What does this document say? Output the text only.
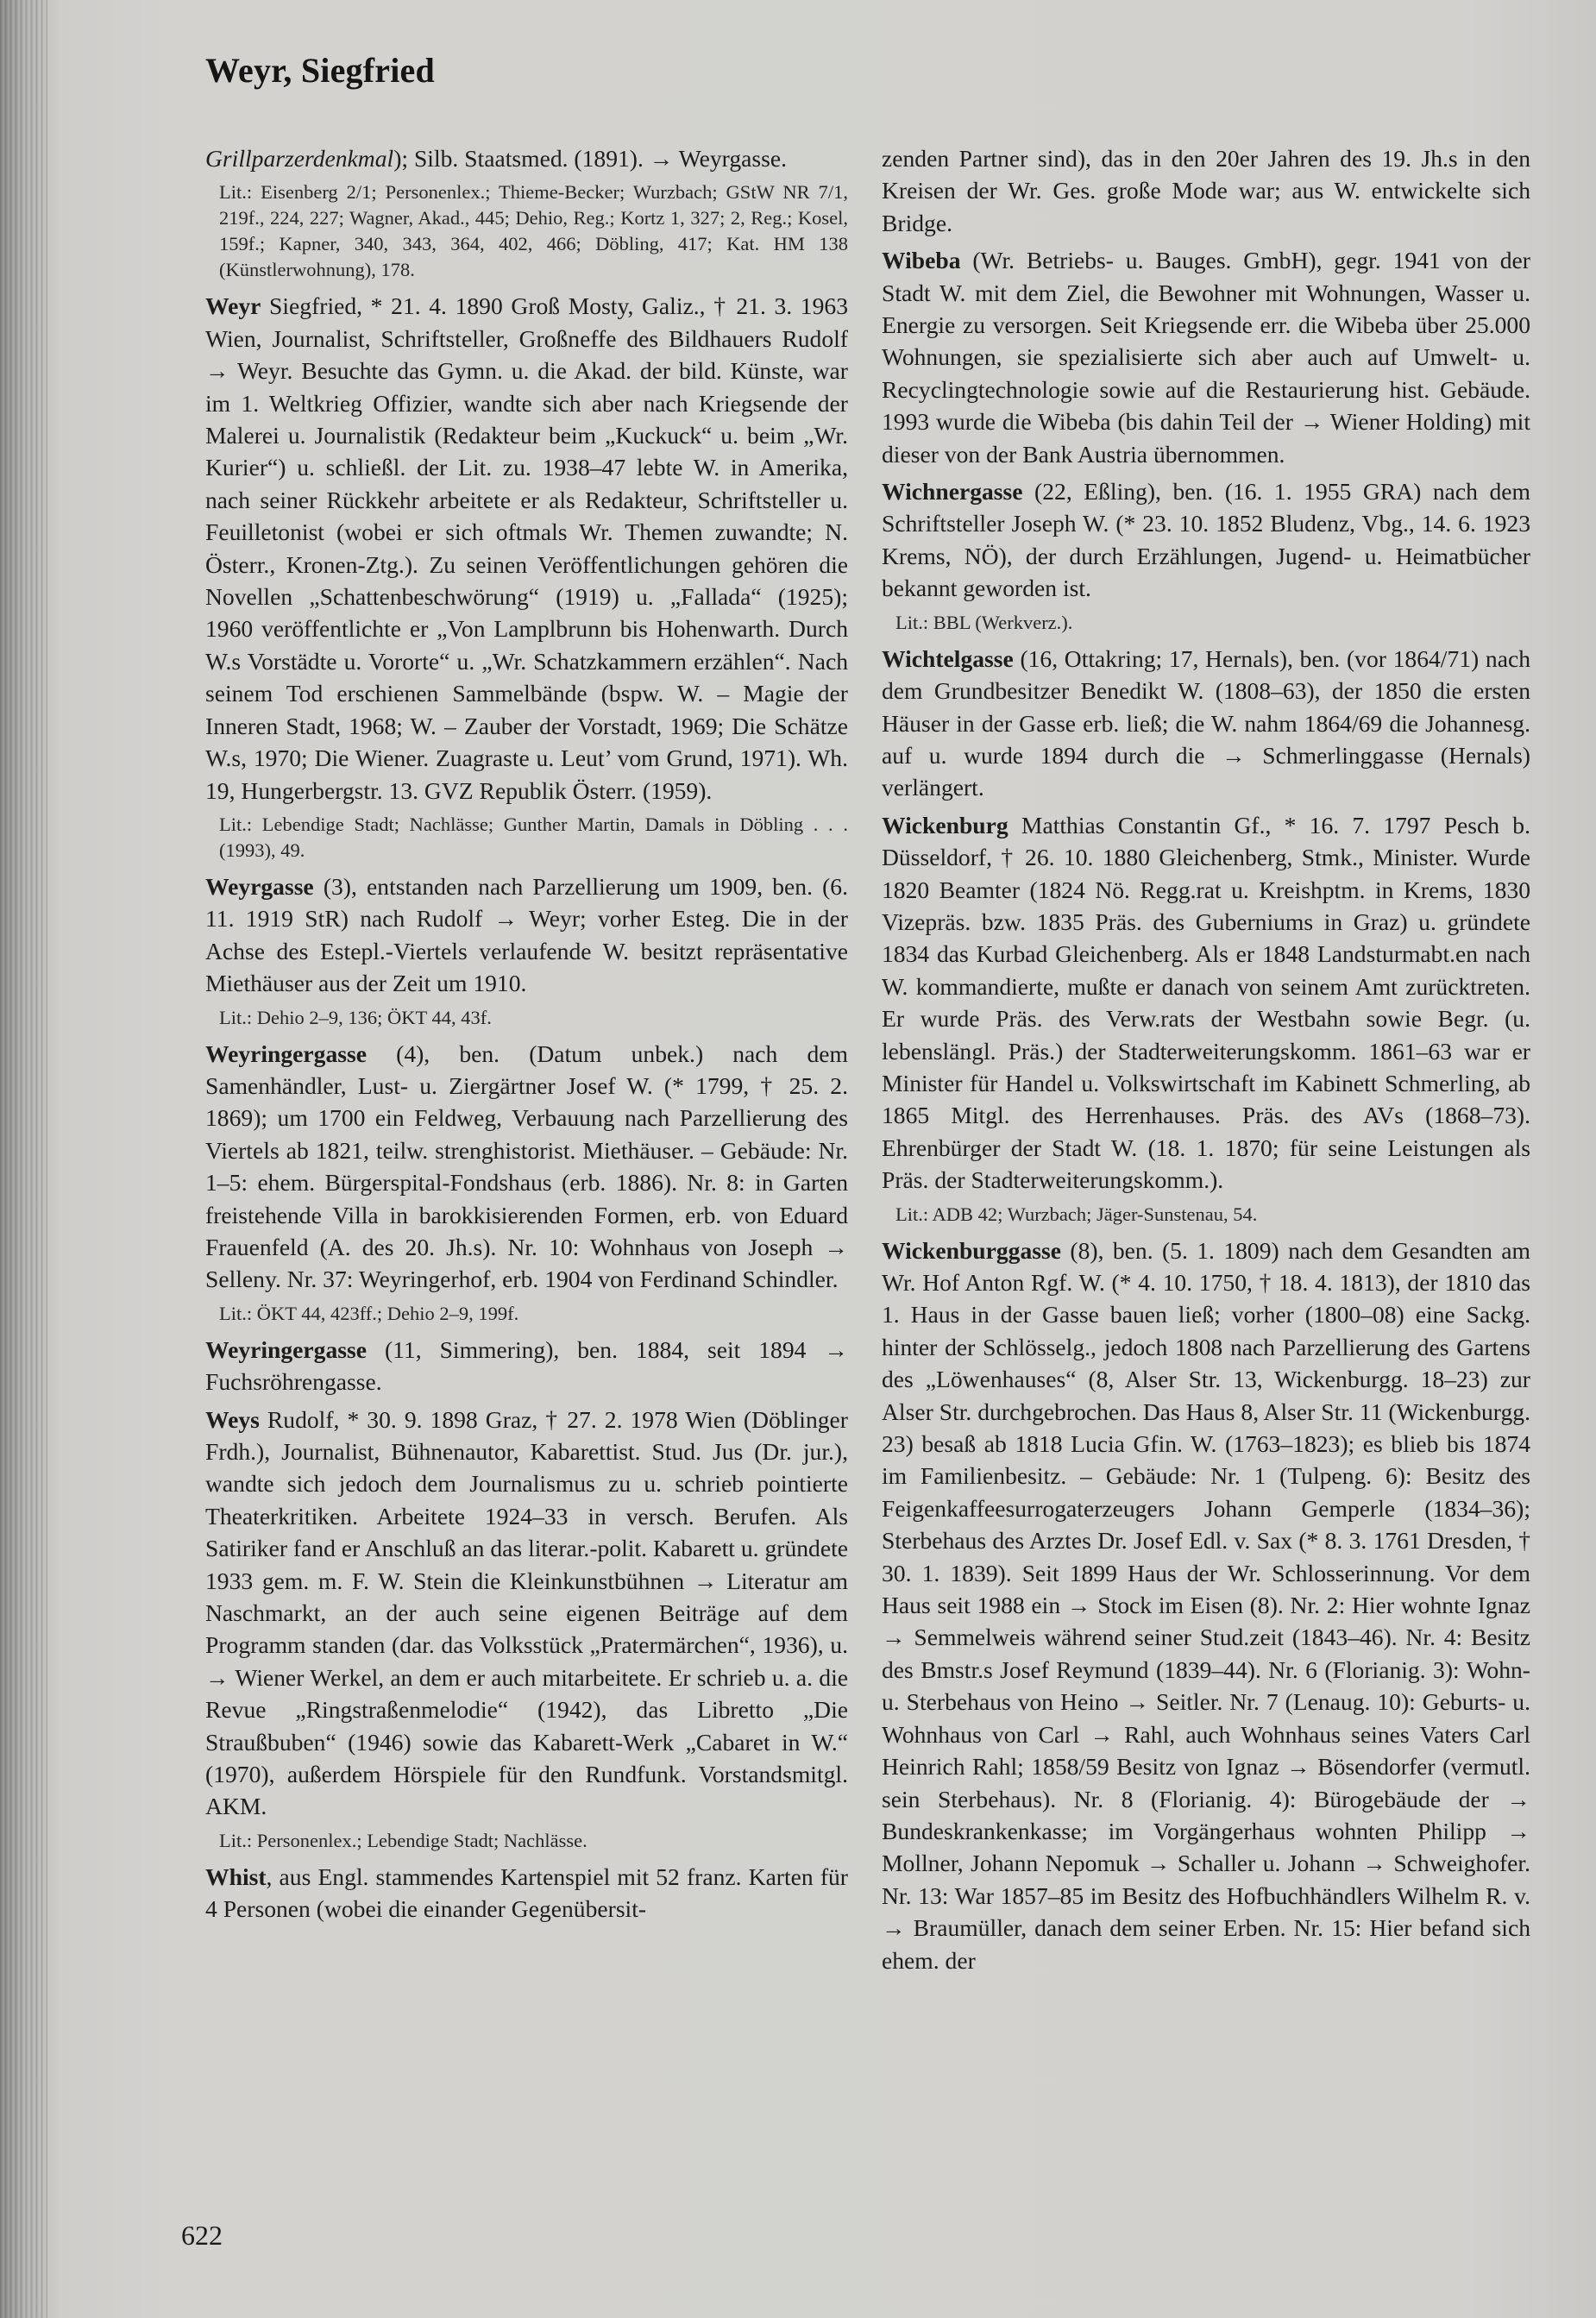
Weyr, Siegfried

Grillparzerdenkmal); Silb. Staatsmed. (1891). → Weyrgasse.

Lit.: Eisenberg 2/1; Personenlex.; Thieme-Becker; Wurzbach; GStW NR 7/1, 219f., 224, 227; Wagner, Akad., 445; Dehio, Reg.; Kortz 1, 327; 2, Reg.; Kosel, 159f.; Kapner, 340, 343, 364, 402, 466; Döbling, 417; Kat. HM 138 (Künstlerwohnung), 178.

Weyr Siegfried, * 21. 4. 1890 Groß Mosty, Galiz., † 21. 3. 1963 Wien, Journalist, Schriftsteller, Großneffe des Bildhauers Rudolf → Weyr. Besuchte das Gymn. u. die Akad. der bild. Künste, war im 1. Weltkrieg Offizier, wandte sich aber nach Kriegsende der Malerei u. Journalistik (Redakteur beim „Kuckuck“ u. beim „Wr. Kurier“) u. schließl. der Lit. zu. 1938–47 lebte W. in Amerika, nach seiner Rückkehr arbeitete er als Redakteur, Schriftsteller u. Feuilletonist (wobei er sich oftmals Wr. Themen zuwandte; N. Österr., Kronen-Ztg.). Zu seinen Veröffentlichungen gehören die Novellen „Schattenbeschwörung“ (1919) u. „Fallada“ (1925); 1960 veröffentlichte er „Von Lamplbrunn bis Hohenwarth. Durch W.s Vorstädte u. Vororte“ u. „Wr. Schatzkammern erzählen“. Nach seinem Tod erschienen Sammelbände (bspw. W. – Magie der Inneren Stadt, 1968; W. – Zauber der Vorstadt, 1969; Die Schätze W.s, 1970; Die Wiener. Zuagraste u. Leut’ vom Grund, 1971). Wh. 19, Hungerbergstr. 13. GVZ Republik Österr. (1959).

Lit.: Lebendige Stadt; Nachlässe; Gunther Martin, Damals in Döbling . . . (1993), 49.

Weyrgasse (3), entstanden nach Parzellierung um 1909, ben. (6. 11. 1919 StR) nach Rudolf → Weyr; vorher Esteg. Die in der Achse des Estepl.-Viertels verlaufende W. besitzt repräsentative Miethäuser aus der Zeit um 1910.

Lit.: Dehio 2–9, 136; ÖKT 44, 43f.

Weyringergasse (4), ben. (Datum unbek.) nach dem Samenhändler, Lust- u. Ziergärtner Josef W. (* 1799, † 25. 2. 1869); um 1700 ein Feldweg, Verbauung nach Parzellierung des Viertels ab 1821, teilw. strenghistorist. Miethäuser. – Gebäude: Nr. 1–5: ehem. Bürgerspital-Fondshaus (erb. 1886). Nr. 8: in Garten freistehende Villa in barokkisierenden Formen, erb. von Eduard Frauenfeld (A. des 20. Jh.s). Nr. 10: Wohnhaus von Joseph → Selleny. Nr. 37: Weyringerhof, erb. 1904 von Ferdinand Schindler.

Lit.: ÖKT 44, 423ff.; Dehio 2–9, 199f.

Weyringergasse (11, Simmering), ben. 1884, seit 1894 → Fuchsröhrengasse.

Weys Rudolf, * 30. 9. 1898 Graz, † 27. 2. 1978 Wien (Döblinger Frdh.), Journalist, Bühnenautor, Kabarettist. Stud. Jus (Dr. jur.), wandte sich jedoch dem Journalismus zu u. schrieb pointierte Theaterkritiken. Arbeitete 1924–33 in versch. Berufen. Als Satiriker fand er Anschluß an das literar.-polit. Kabarett u. gründete 1933 gem. m. F. W. Stein die Kleinkunstbühnen → Literatur am Naschmarkt, an der auch seine eigenen Beiträge auf dem Programm standen (dar. das Volksstück „Pratermärchen“, 1936), u. → Wiener Werkel, an dem er auch mitarbeitete. Er schrieb u. a. die Revue „Ringstraßenmelodie“ (1942), das Libretto „Die Straußbuben“ (1946) sowie das Kabarett-Werk „Cabaret in W.“ (1970), außerdem Hörspiele für den Rundfunk. Vorstandsmitgl. AKM.

Lit.: Personenlex.; Lebendige Stadt; Nachlässe.

Whist, aus Engl. stammendes Kartenspiel mit 52 franz. Karten für 4 Personen (wobei die einander Gegenübersit-

zenden Partner sind), das in den 20er Jahren des 19. Jh.s in den Kreisen der Wr. Ges. große Mode war; aus W. entwickelte sich Bridge.

Wibeba (Wr. Betriebs- u. Bauges. GmbH), gegr. 1941 von der Stadt W. mit dem Ziel, die Bewohner mit Wohnungen, Wasser u. Energie zu versorgen. Seit Kriegsende err. die Wibeba über 25.000 Wohnungen, sie spezialisierte sich aber auch auf Umwelt- u. Recyclingtechnologie sowie auf die Restaurierung hist. Gebäude. 1993 wurde die Wibeba (bis dahin Teil der → Wiener Holding) mit dieser von der Bank Austria übernommen.

Wichnergasse (22, Eßling), ben. (16. 1. 1955 GRA) nach dem Schriftsteller Joseph W. (* 23. 10. 1852 Bludenz, Vbg., 14. 6. 1923 Krems, NÖ), der durch Erzählungen, Jugend- u. Heimatbücher bekannt geworden ist.

Lit.: BBL (Werkverz.).

Wichtelgasse (16, Ottakring; 17, Hernals), ben. (vor 1864/71) nach dem Grundbesitzer Benedikt W. (1808–63), der 1850 die ersten Häuser in der Gasse erb. ließ; die W. nahm 1864/69 die Johannesg. auf u. wurde 1894 durch die → Schmerlinggasse (Hernals) verlängert.

Wickenburg Matthias Constantin Gf., * 16. 7. 1797 Pesch b. Düsseldorf, † 26. 10. 1880 Gleichenberg, Stmk., Minister. Wurde 1820 Beamter (1824 Nö. Regg.rat u. Kreishptm. in Krems, 1830 Vizepräs. bzw. 1835 Präs. des Guberniums in Graz) u. gründete 1834 das Kurbad Gleichenberg. Als er 1848 Landsturmabt.en nach W. kommandierte, mußte er danach von seinem Amt zurücktreten. Er wurde Präs. des Verw.rats der Westbahn sowie Begr. (u. lebenslängl. Präs.) der Stadterweiterungskomm. 1861–63 war er Minister für Handel u. Volkswirtschaft im Kabinett Schmerling, ab 1865 Mitgl. des Herrenhauses. Präs. des AVs (1868–73). Ehrenbürger der Stadt W. (18. 1. 1870; für seine Leistungen als Präs. der Stadterweiterungskomm.).

Lit.: ADB 42; Wurzbach; Jäger-Sunstenau, 54.

Wickenburggasse (8), ben. (5. 1. 1809) nach dem Gesandten am Wr. Hof Anton Rgf. W. (* 4. 10. 1750, † 18. 4. 1813), der 1810 das 1. Haus in der Gasse bauen ließ; vorher (1800–08) eine Sackg. hinter der Schlösselg., jedoch 1808 nach Parzellierung des Gartens des „Löwenhauses“ (8, Alser Str. 13, Wickenburgg. 18–23) zur Alser Str. durchgebrochen. Das Haus 8, Alser Str. 11 (Wickenburgg. 23) besaß ab 1818 Lucia Gfin. W. (1763–1823); es blieb bis 1874 im Familienbesitz. – Gebäude: Nr. 1 (Tulpeng. 6): Besitz des Feigenkaffeesurrogaterzeugers Johann Gemperle (1834–36); Sterbehaus des Arztes Dr. Josef Edl. v. Sax (* 8. 3. 1761 Dresden, † 30. 1. 1839). Seit 1899 Haus der Wr. Schlosserinnung. Vor dem Haus seit 1988 ein → Stock im Eisen (8). Nr. 2: Hier wohnte Ignaz → Semmelweis während seiner Stud.zeit (1843–46). Nr. 4: Besitz des Bmstr.s Josef Reymund (1839–44). Nr. 6 (Florianig. 3): Wohn- u. Sterbehaus von Heino → Seitler. Nr. 7 (Lenaug. 10): Geburts- u. Wohnhaus von Carl → Rahl, auch Wohnhaus seines Vaters Carl Heinrich Rahl; 1858/59 Besitz von Ignaz → Bösendorfer (vermutl. sein Sterbehaus). Nr. 8 (Florianig. 4): Bürogebäude der → Bundeskrankenkasse; im Vorgängerhaus wohnten Philipp → Mollner, Johann Nepomuk → Schaller u. Johann → Schweighofer. Nr. 13: War 1857–85 im Besitz des Hofbuchhändlers Wilhelm R. v. → Braumüller, danach dem seiner Erben. Nr. 15: Hier befand sich ehem. der

622
